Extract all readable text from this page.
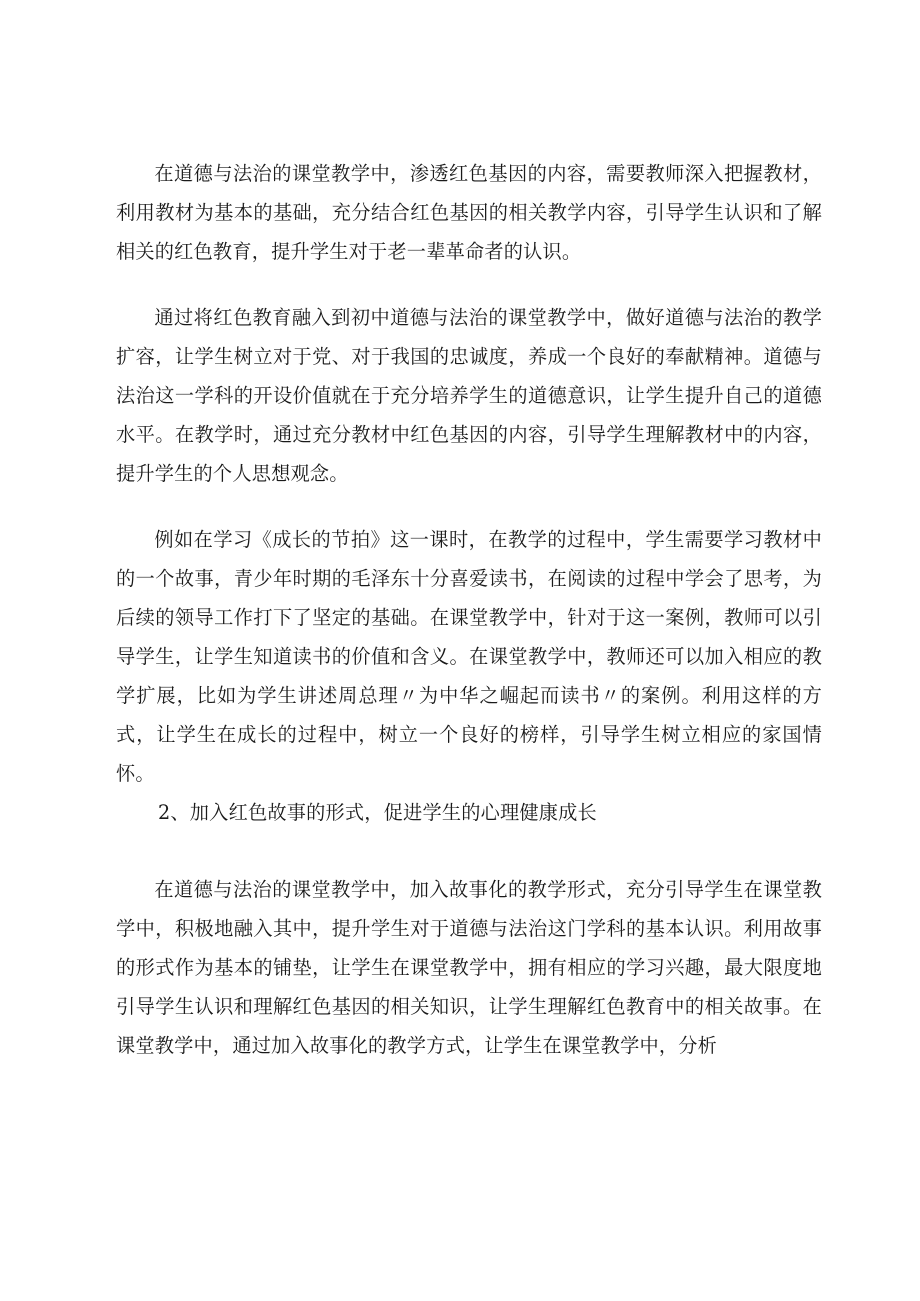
在道德与法治的课堂教学中，渗透红色基因的内容，需要教师深入把握教材，利用教材为基本的基础，充分结合红色基因的相关教学内容，引导学生认识和了解相关的红色教育，提升学生对于老一辈革命者的认识。

通过将红色教育融入到初中道德与法治的课堂教学中，做好道德与法治的教学扩容，让学生树立对于党、对于我国的忠诚度，养成一个良好的奉献精神。道德与法治这一学科的开设价值就在于充分培养学生的道德意识，让学生提升自己的道德水平。在教学时，通过充分教材中红色基因的内容，引导学生理解教材中的内容，提升学生的个人思想观念。

例如在学习《成长的节拍》这一课时，在教学的过程中，学生需要学习教材中的一个故事，青少年时期的毛泽东十分喜爱读书，在阅读的过程中学会了思考，为后续的领导工作打下了坚定的基础。在课堂教学中，针对于这一案例，教师可以引导学生，让学生知道读书的价值和含义。在课堂教学中，教师还可以加入相应的教学扩展，比如为学生讲述周总理〃为中华之崛起而读书〃的案例。利用这样的方式，让学生在成长的过程中，树立一个良好的榜样，引导学生树立相应的家国情怀。

2、加入红色故事的形式，促进学生的心理健康成长

在道德与法治的课堂教学中，加入故事化的教学形式，充分引导学生在课堂教学中，积极地融入其中，提升学生对于道德与法治这门学科的基本认识。利用故事的形式作为基本的铺垫，让学生在课堂教学中，拥有相应的学习兴趣，最大限度地引导学生认识和理解红色基因的相关知识，让学生理解红色教育中的相关故事。在课堂教学中，通过加入故事化的教学方式，让学生在课堂教学中，分析
